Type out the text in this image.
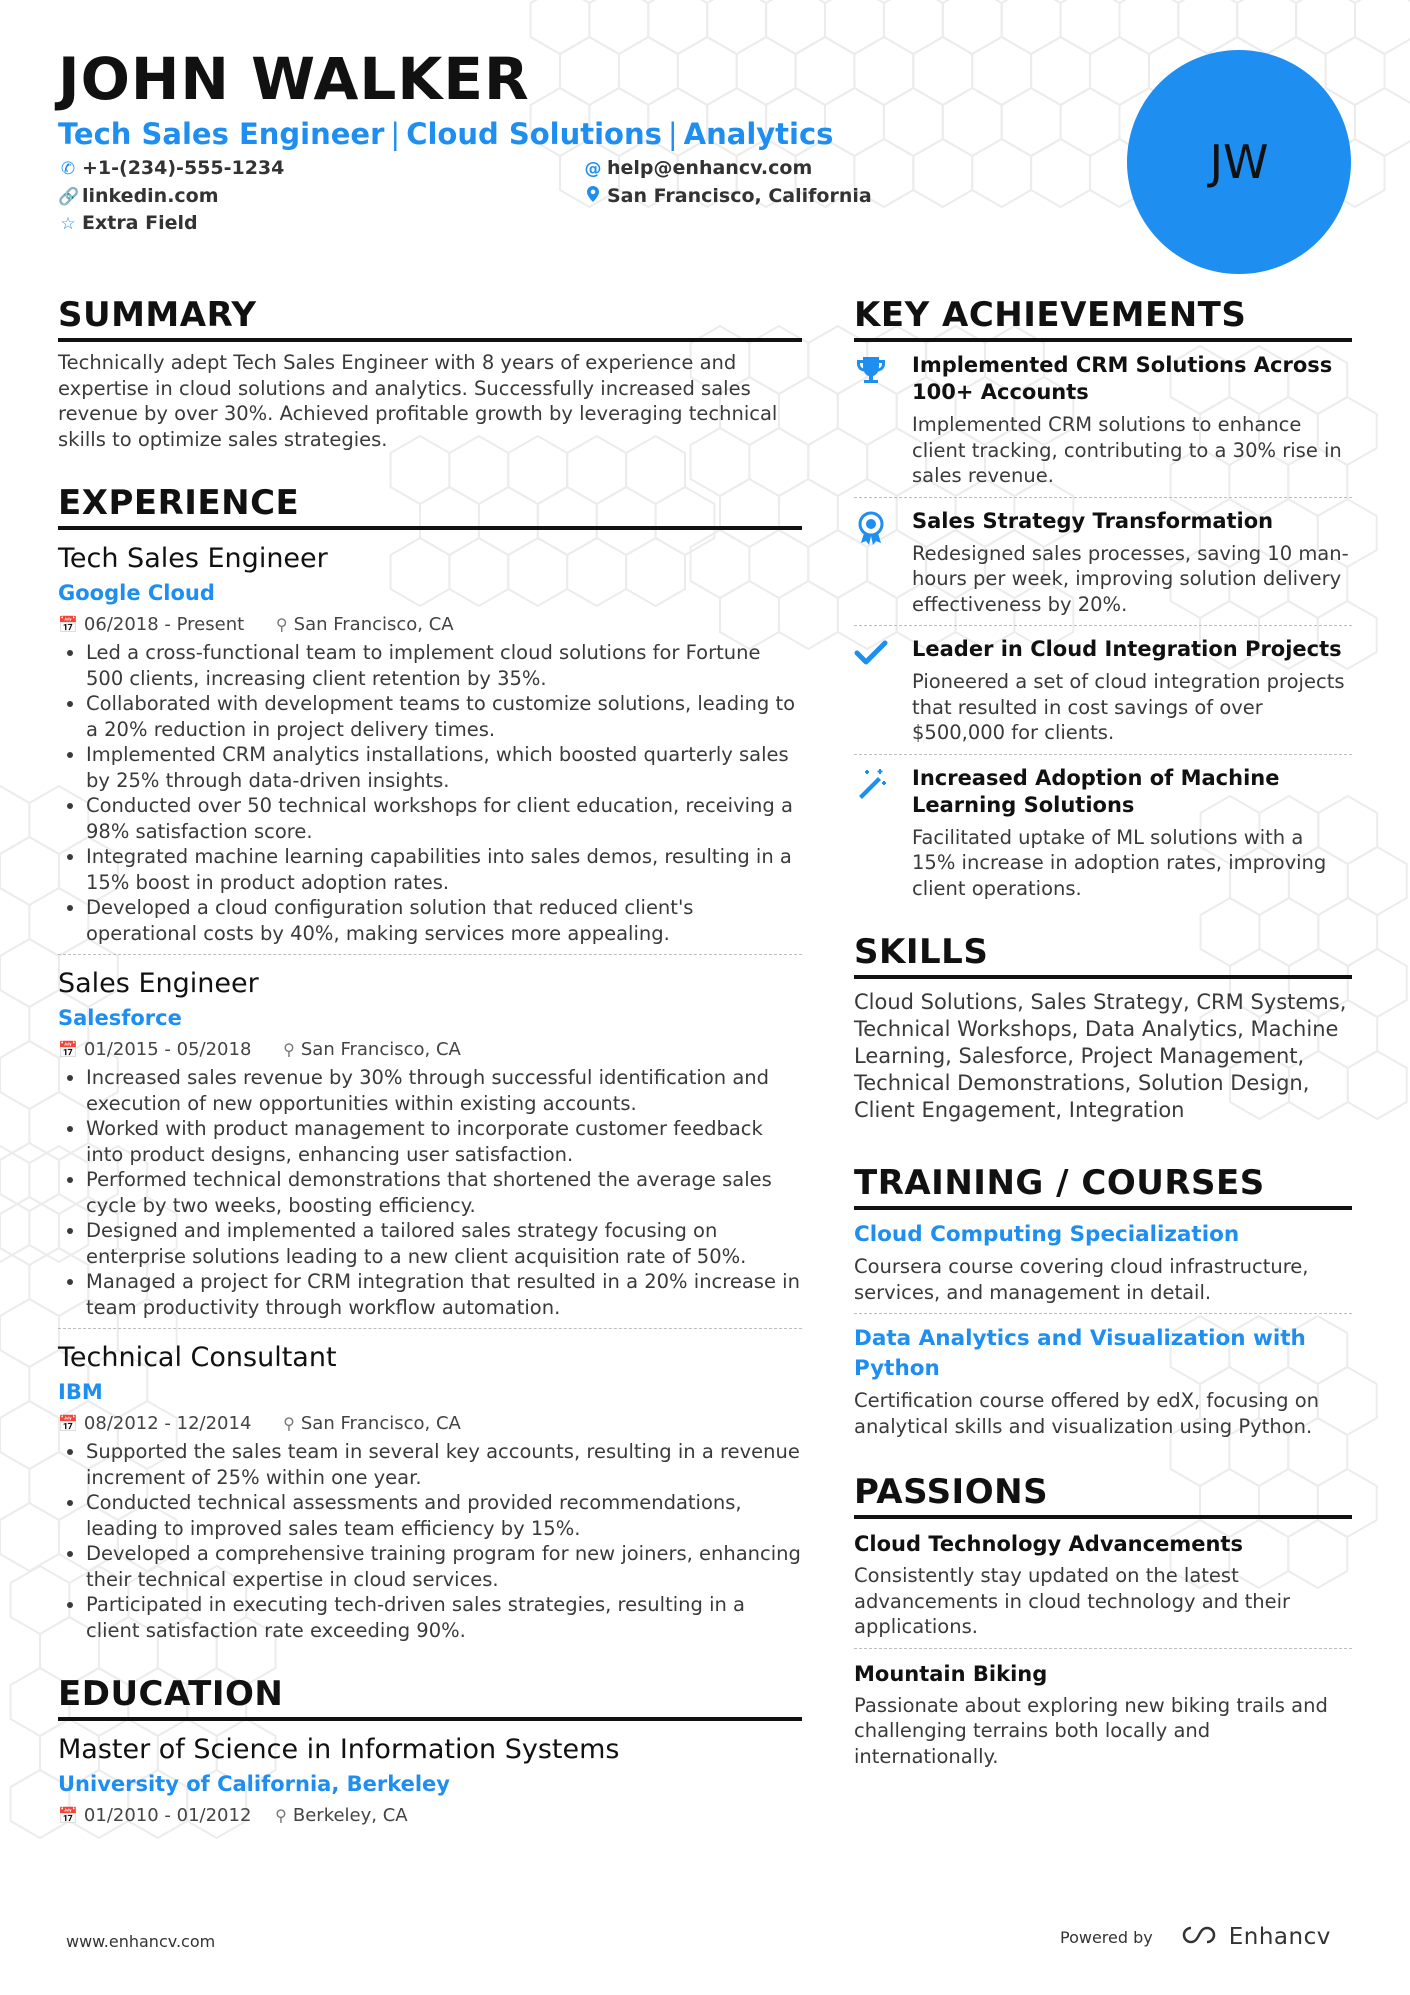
JOHN WALKER
Tech Sales Engineer | Cloud Solutions | Analytics
✆ +1-(234)-555-1234	@ help@enhancv.com
🔗 linkedin.com	San Francisco, California
☆ Extra Field
JW
SUMMARY
Technically adept Tech Sales Engineer with 8 years of experience and expertise in cloud solutions and analytics. Successfully increased sales revenue by over 30%. Achieved profitable growth by leveraging technical skills to optimize sales strategies.
EXPERIENCE
Tech Sales Engineer
Google Cloud
📅 06/2018 - Present ⚲ San Francisco, CA
• Led a cross-functional team to implement cloud solutions for Fortune 500 clients, increasing client retention by 35%.
• Collaborated with development teams to customize solutions, leading to a 20% reduction in project delivery times.
• Implemented CRM analytics installations, which boosted quarterly sales by 25% through data-driven insights.
• Conducted over 50 technical workshops for client education, receiving a 98% satisfaction score.
• Integrated machine learning capabilities into sales demos, resulting in a 15% boost in product adoption rates.
• Developed a cloud configuration solution that reduced client's operational costs by 40%, making services more appealing.
Sales Engineer
Salesforce
📅 01/2015 - 05/2018 ⚲ San Francisco, CA
• Increased sales revenue by 30% through successful identification and execution of new opportunities within existing accounts.
• Worked with product management to incorporate customer feedback into product designs, enhancing user satisfaction.
• Performed technical demonstrations that shortened the average sales cycle by two weeks, boosting efficiency.
• Designed and implemented a tailored sales strategy focusing on enterprise solutions leading to a new client acquisition rate of 50%.
• Managed a project for CRM integration that resulted in a 20% increase in team productivity through workflow automation.
Technical Consultant
IBM
📅 08/2012 - 12/2014 ⚲ San Francisco, CA
• Supported the sales team in several key accounts, resulting in a revenue increment of 25% within one year.
• Conducted technical assessments and provided recommendations, leading to improved sales team efficiency by 15%.
• Developed a comprehensive training program for new joiners, enhancing their technical expertise in cloud services.
• Participated in executing tech-driven sales strategies, resulting in a client satisfaction rate exceeding 90%.
EDUCATION
Master of Science in Information Systems
University of California, Berkeley
📅 01/2010 - 01/2012 ⚲ Berkeley, CA
KEY ACHIEVEMENTS
Implemented CRM Solutions Across 100+ Accounts
Implemented CRM solutions to enhance client tracking, contributing to a 30% rise in sales revenue.
Sales Strategy Transformation
Redesigned sales processes, saving 10 man-hours per week, improving solution delivery effectiveness by 20%.
Leader in Cloud Integration Projects
Pioneered a set of cloud integration projects that resulted in cost savings of over $500,000 for clients.
Increased Adoption of Machine Learning Solutions
Facilitated uptake of ML solutions with a 15% increase in adoption rates, improving client operations.
SKILLS
Cloud Solutions, Sales Strategy, CRM Systems, Technical Workshops, Data Analytics, Machine Learning, Salesforce, Project Management, Technical Demonstrations, Solution Design, Client Engagement, Integration
TRAINING / COURSES
Cloud Computing Specialization
Coursera course covering cloud infrastructure, services, and management in detail.
Data Analytics and Visualization with Python
Certification course offered by edX, focusing on analytical skills and visualization using Python.
PASSIONS
Cloud Technology Advancements
Consistently stay updated on the latest advancements in cloud technology and their applications.
Mountain Biking
Passionate about exploring new biking trails and challenging terrains both locally and internationally.
www.enhancv.com	Powered by	Enhancv
